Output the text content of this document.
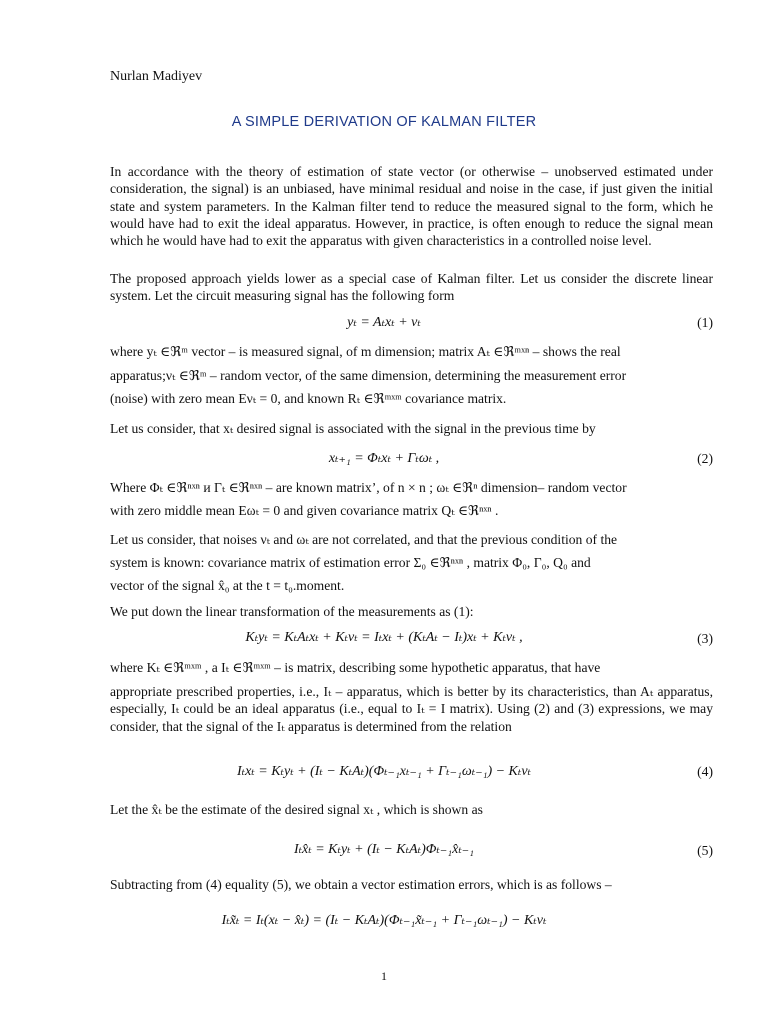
Nurlan Madiyev
A SIMPLE DERIVATION OF KALMAN FILTER
In accordance with the theory of estimation of state vector (or otherwise – unobserved estimated under consideration, the signal) is an unbiased, have minimal residual and noise in the case, if just given the initial state and system parameters. In the Kalman filter tend to reduce the measured signal to the form, which he would have had to exit the ideal apparatus. However, in practice, is often enough to reduce the signal mean which he would have had to exit the apparatus with given characteristics in a controlled noise level.
The proposed approach yields lower as a special case of Kalman filter. Let us consider the discrete linear system. Let the circuit measuring signal has the following form
yₜ = Aₜxₜ + νₜ	(1)
where yₜ ∈ℜᵐ vector – is measured signal, of m dimension; matrix Aₜ ∈ℜᵐˣⁿ – shows the real
apparatus;νₜ ∈ℜᵐ – random vector, of the same dimension, determining the measurement error
(noise) with zero mean Eνₜ = 0, and known Rₜ ∈ℜᵐˣᵐ covariance matrix.
Let us consider, that xₜ desired signal is associated with the signal in the previous time by
xₜ₊₁ = Φₜxₜ + Γₜωₜ ,	(2)
Where Φₜ ∈ℜⁿˣⁿ и Γₜ ∈ℜⁿˣⁿ – are known matrix’, of n × n ; ωₜ ∈ℜⁿ dimension– random vector
with zero middle mean Eωₜ = 0 and given covariance matrix Qₜ ∈ℜⁿˣⁿ .
Let us consider, that noises νₜ and ωₜ are not correlated, and that the previous condition of the
system is known: covariance matrix of estimation error Σ₀ ∈ℜⁿˣⁿ , matrix Φ₀, Γ₀, Q₀ and
vector of the signal x̂₀ at the t = t₀.moment.
We put down the linear transformation of the measurements as (1):
Kₜyₜ = KₜAₜxₜ + Kₜνₜ = Iₜxₜ + (KₜAₜ − Iₜ)xₜ + Kₜνₜ ,	(3)
where Kₜ ∈ℜᵐˣᵐ , a Iₜ ∈ℜᵐˣᵐ – is matrix, describing some hypothetic apparatus, that have
appropriate prescribed properties, i.e., Iₜ – apparatus, which is better by its characteristics, than Aₜ apparatus, especially, Iₜ could be an ideal apparatus (i.e., equal to Iₜ = I matrix). Using (2) and (3) expressions, we may consider, that the signal of the Iₜ apparatus is determined from the relation
Iₜxₜ = Kₜyₜ + (Iₜ − KₜAₜ)(Φₜ₋₁xₜ₋₁ + Γₜ₋₁ωₜ₋₁) − Kₜνₜ	(4)
Let the x̂ₜ be the estimate of the desired signal xₜ , which is shown as
Iₜx̂ₜ = Kₜyₜ + (Iₜ − KₜAₜ)Φₜ₋₁x̂ₜ₋₁	(5)
Subtracting from (4) equality (5), we obtain a vector estimation errors, which is as follows –
Iₜx̃ₜ = Iₜ(xₜ − x̂ₜ) = (Iₜ − KₜAₜ)(Φₜ₋₁x̃ₜ₋₁ + Γₜ₋₁ωₜ₋₁) − Kₜνₜ
1
